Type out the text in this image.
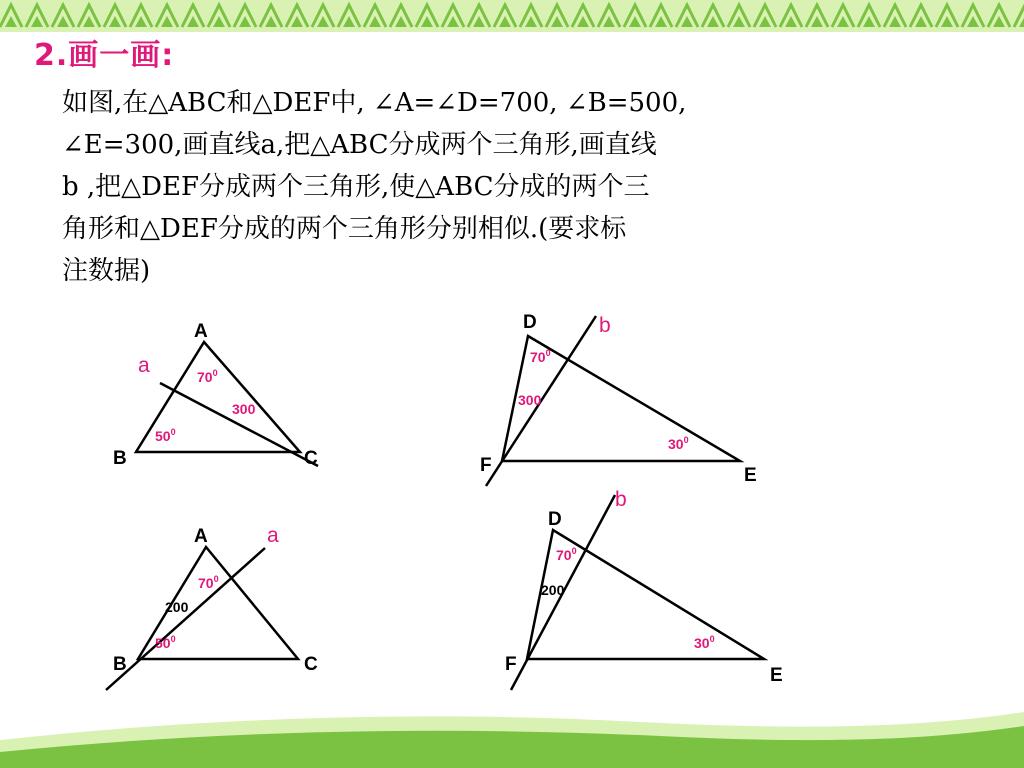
2.画一画:
如图,在△ABC和△DEF中, ∠A=∠D=700, ∠B=500,
∠E=300,画直线a,把△ABC分成两个三角形,画直线
b ,把△DEF分成两个三角形,使△ABC分成的两个三
角形和△DEF分成的两个三角形分别相似.(要求标
注数据)
A
B	C
a	$70^0$
300
$50^0$
D
F	E
b
$70^0$
300
$30^0$
A
B	C
a
$70^0$
200
$50^0$
D
F
E
b
$70^0$
200
$30^0$
